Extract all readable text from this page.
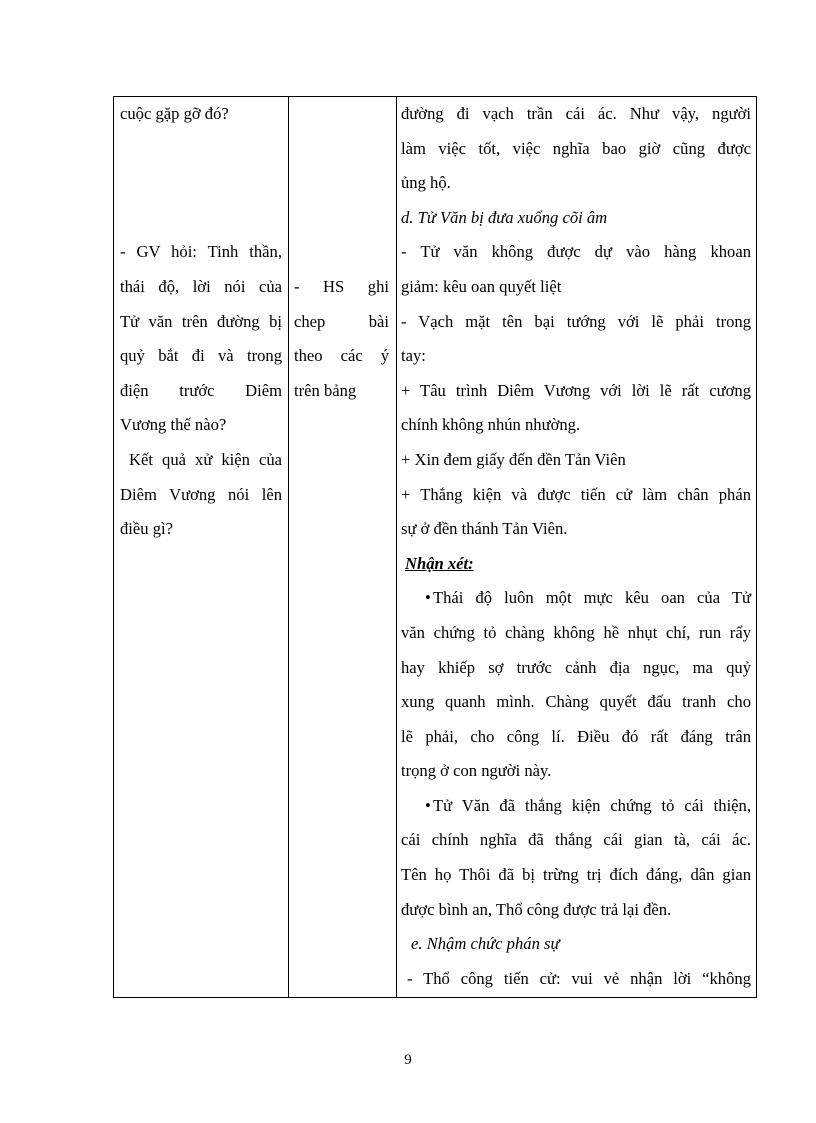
cuộc gặp gỡ đó?
- GV hỏi: Tinh thần,
thái độ, lời nói của
Tử văn trên đường bị
quỷ bắt đi và trong
điện trước Diêm
Vương thế nào?
Kết quả xử kiện của
Diêm Vương nói lên
điều gì?
- HS ghi
chep bài
theo các ý
trên bảng
đường đi vạch trần cái ác. Như vậy, người
làm việc tốt, việc nghĩa bao giờ cũng được
ủng hộ.
d. Tử Văn bị đưa xuống cõi âm
- Tử văn không được dự vào hàng khoan
giảm: kêu oan quyết liệt
- Vạch mặt tên bại tướng với lẽ phải trong
tay:
+ Tâu trình Diêm Vương với lời lẽ rất cương
chính không nhún nhường.
+ Xin đem giấy đến đền Tản Viên
+ Thắng kiện và được tiến cử làm chân phán
sự ở đền thánh Tản Viên.
Nhận xét:
• Thái độ luôn một mực kêu oan của Tử
văn chứng tỏ chàng không hề nhụt chí, run rẩy
hay khiếp sợ trước cảnh địa ngục, ma quỷ
xung quanh mình. Chàng quyết đấu tranh cho
lẽ phải, cho công lí. Điều đó rất đáng trân
trọng ở con người này.
• Tử Văn đã thắng kiện chứng tỏ cái thiện,
cái chính nghĩa đã thắng cái gian tà, cái ác.
Tên họ Thôi đã bị trừng trị đích đáng, dân gian
được bình an, Thổ công được trả lại đền.
e. Nhậm chức phán sự
- Thổ công tiến cử: vui vẻ nhận lời “không
9
